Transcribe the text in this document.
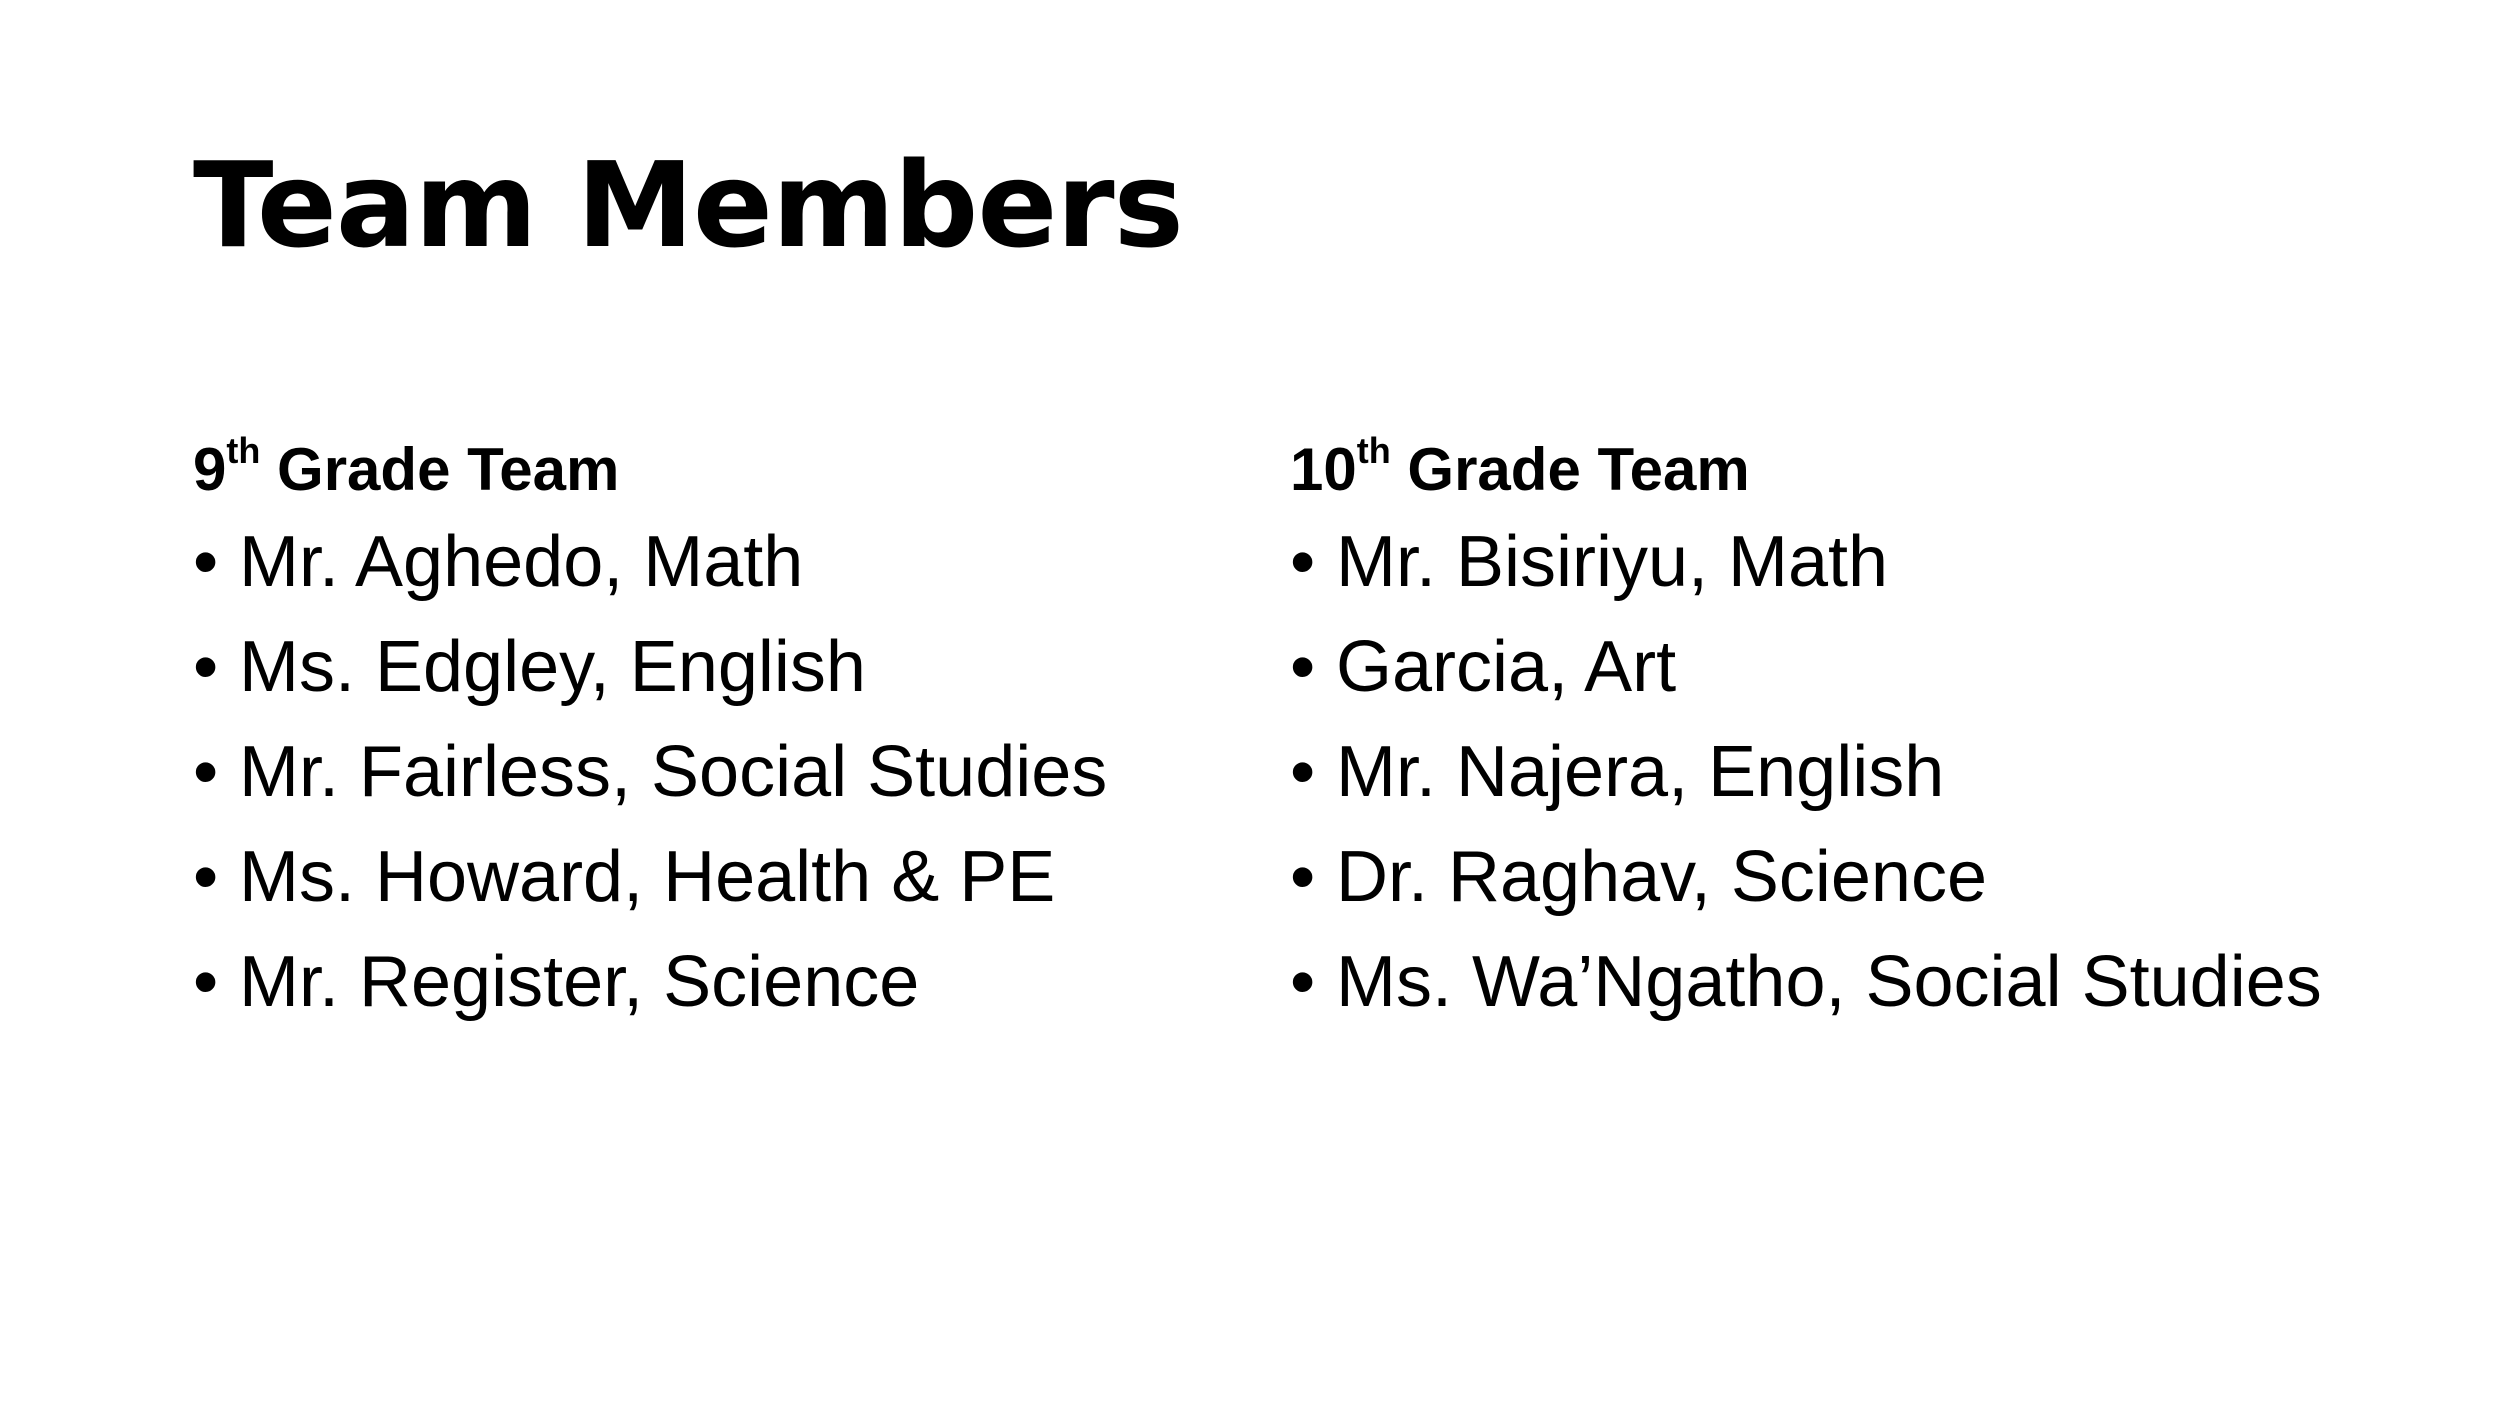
Team Members
9th Grade Team
• Mr. Aghedo, Math
• Ms. Edgley, English
• Mr. Fairless, Social Studies
• Ms. Howard, Health & PE
• Mr. Register, Science
10th Grade Team
• Mr. Bisiriyu, Math
• Garcia, Art
• Mr. Najera, English
• Dr. Raghav, Science
• Ms. Wa’Ngatho, Social Studies
